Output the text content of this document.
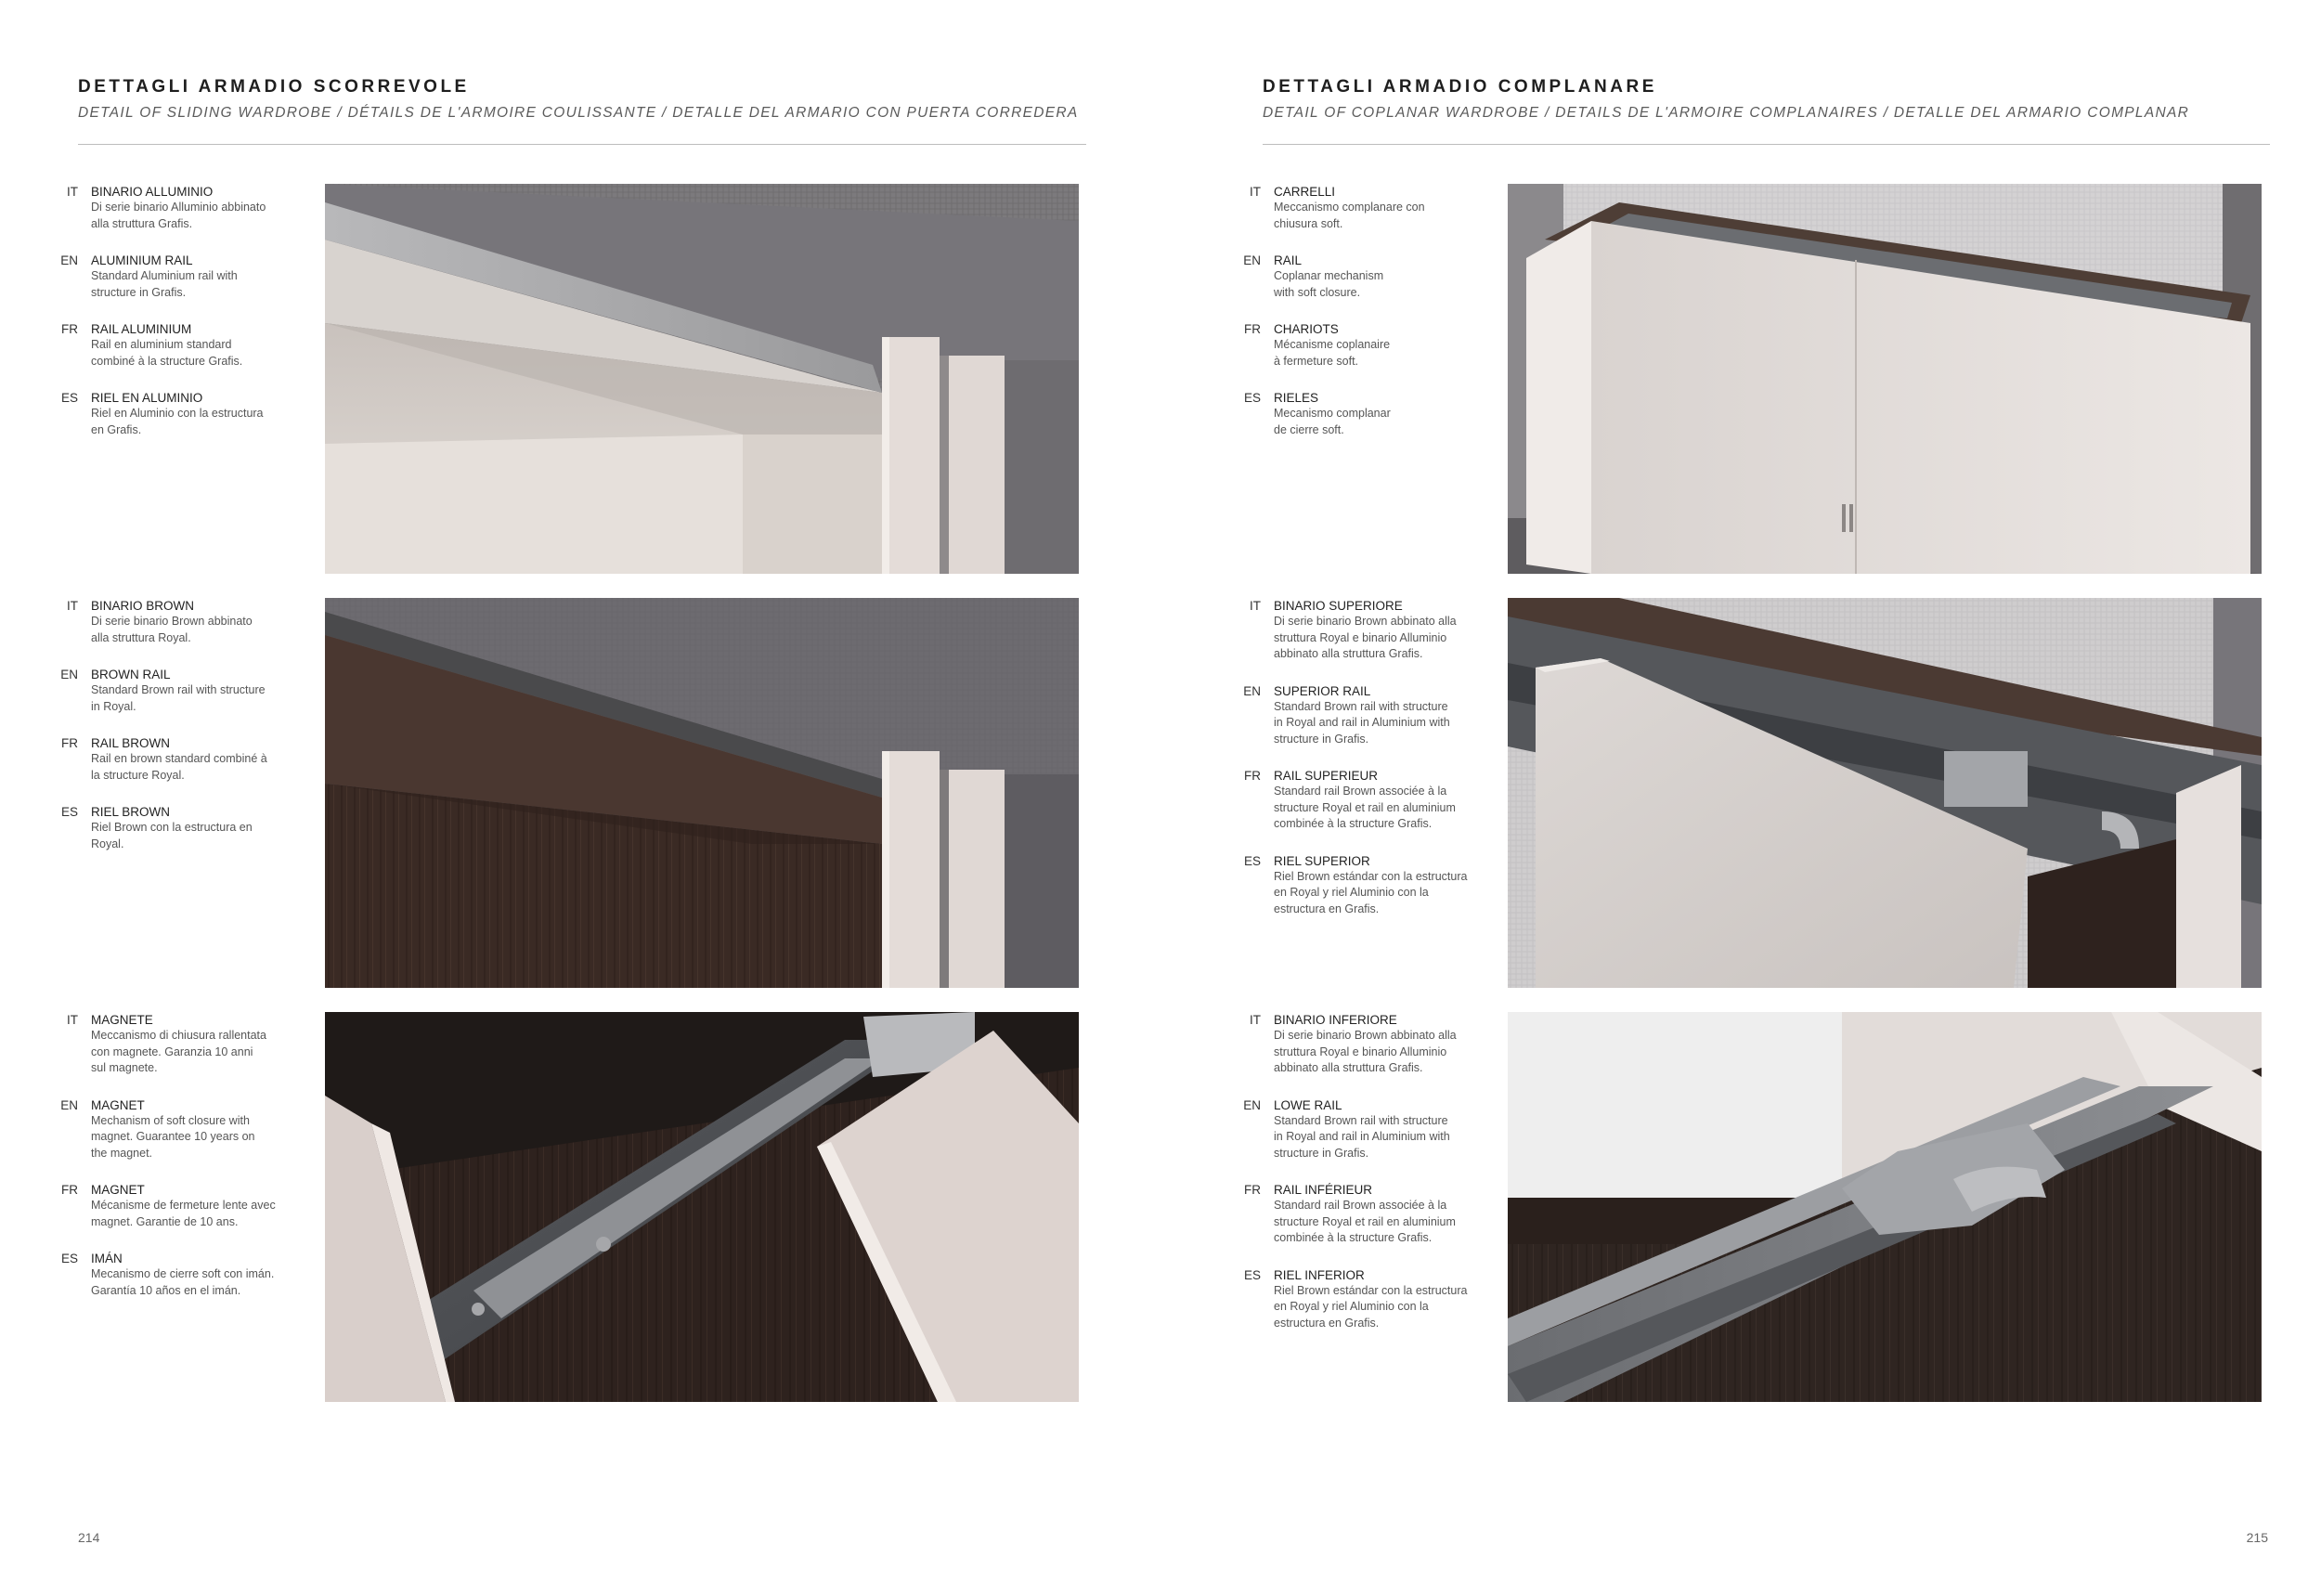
DETTAGLI ARMADIO SCORREVOLE
DETAIL OF SLIDING WARDROBE / DÉTAILS DE L'ARMOIRE COULISSANTE / DETALLE DEL ARMARIO CON PUERTA CORREDERA
IT	BINARIO ALLUMINIO
Di serie binario Alluminio abbinato
alla struttura Grafis.
EN	ALUMINIUM RAIL
Standard Aluminium rail with
structure in Grafis.
FR	RAIL ALUMINIUM
Rail en aluminium standard
combiné à la structure Grafis.
ES	RIEL EN ALUMINIO
Riel en Aluminio con la estructura
en Grafis.
IT	BINARIO BROWN
Di serie binario Brown abbinato
alla struttura Royal.
EN	BROWN RAIL
Standard Brown rail with structure
in Royal.
FR	RAIL BROWN
Rail en brown standard combiné à
la structure Royal.
ES	RIEL BROWN
Riel Brown con la estructura en
Royal.
IT	MAGNETE
Meccanismo di chiusura rallentata
con magnete. Garanzia 10 anni
sul magnete.
EN	MAGNET
Mechanism of soft closure with
magnet. Guarantee 10 years on
the magnet.
FR	MAGNET
Mécanisme de fermeture lente avec
magnet. Garantie de 10 ans.
ES	IMÁN
Mecanismo de cierre soft con imán.
Garantía 10 años en el imán.
214
DETTAGLI ARMADIO COMPLANARE
DETAIL OF COPLANAR WARDROBE / DETAILS DE L'ARMOIRE COMPLANAIRES / DETALLE DEL ARMARIO COMPLANAR
IT	CARRELLI
Meccanismo complanare con
chiusura soft.
EN	RAIL
Coplanar mechanism
with soft closure.
FR	CHARIOTS
Mécanisme coplanaire
à fermeture soft.
ES	RIELES
Mecanismo complanar
de cierre soft.
IT	BINARIO SUPERIORE
Di serie binario Brown abbinato alla
struttura Royal e binario Alluminio
abbinato alla struttura Grafis.
EN	SUPERIOR RAIL
Standard Brown rail with structure
in Royal and rail in Aluminium with
structure in Grafis.
FR	RAIL SUPERIEUR
Standard rail Brown associée à la
structure Royal et rail en aluminium
combinée à la structure Grafis.
ES	RIEL SUPERIOR
Riel Brown estándar con la estructura
en Royal y riel Aluminio con la
estructura en Grafis.
IT	BINARIO INFERIORE
Di serie binario Brown abbinato alla
struttura Royal e binario Alluminio
abbinato alla struttura Grafis.
EN	LOWE RAIL
Standard Brown rail with structure
in Royal and rail in Aluminium with
structure in Grafis.
FR	RAIL INFÉRIEUR
Standard rail Brown associée à la
structure Royal et rail en aluminium
combinée à la structure Grafis.
ES	RIEL INFERIOR
Riel Brown estándar con la estructura
en Royal y riel Aluminio con la
estructura en Grafis.
215
